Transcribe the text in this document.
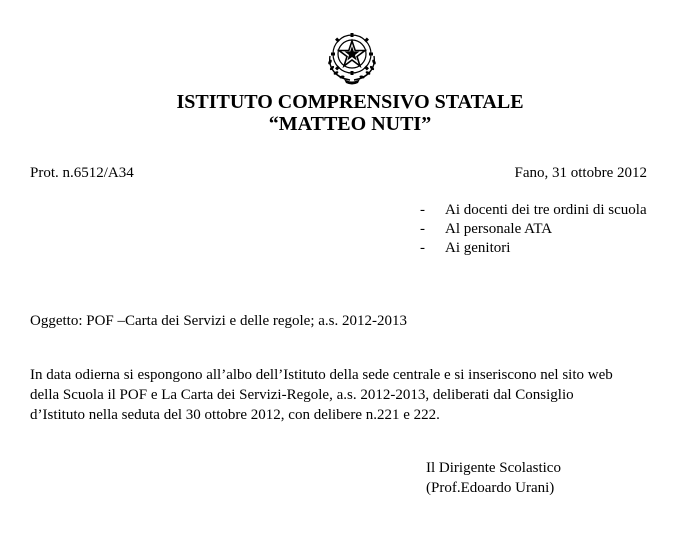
ISTITUTO COMPRENSIVO STATALE
“MATTEO NUTI”
Prot. n.6512/A34	Fano, 31 ottobre 2012
- Ai docenti dei tre ordini di scuola
- Al personale ATA
- Ai genitori
Oggetto: POF –Carta dei Servizi e delle regole; a.s. 2012-2013
In data odierna si espongono all’albo dell’Istituto della sede centrale e si inseriscono nel sito web
della Scuola il POF e La Carta dei Servizi-Regole, a.s. 2012-2013, deliberati dal Consiglio
d’Istituto nella seduta del 30 ottobre 2012, con delibere n.221 e 222.
Il Dirigente Scolastico
(Prof.Edoardo Urani)
